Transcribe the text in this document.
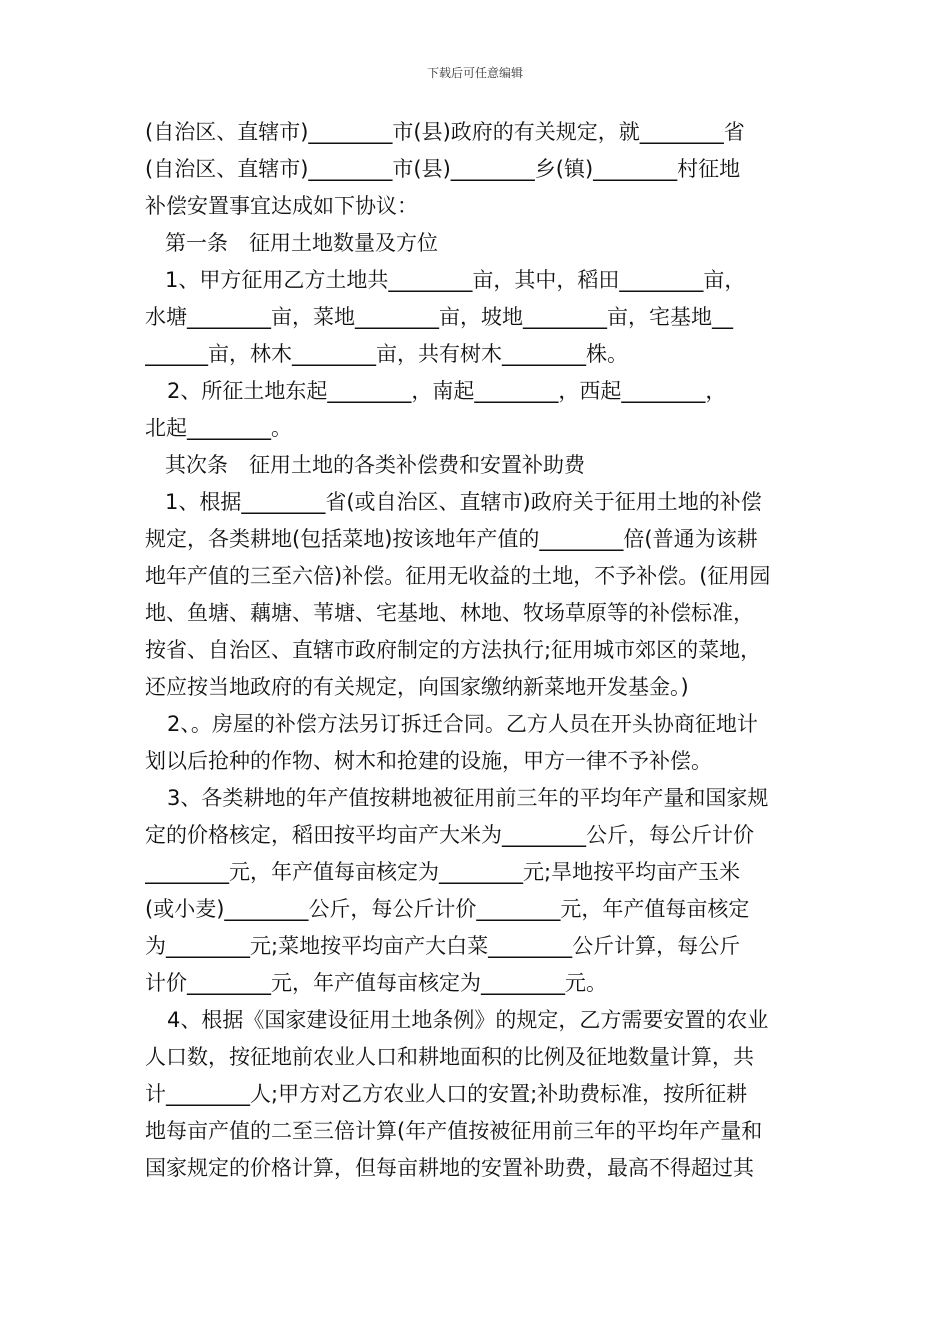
下载后可任意编辑
(自治区、直辖市)________市(县)政府的有关规定，就________省
(自治区、直辖市)________市(县)________乡(镇)________村征地
补偿安置事宜达成如下协议：
第一条　征用土地数量及方位
1、甲方征用乙方土地共________亩，其中，稻田________亩，
水塘________亩，菜地________亩，坡地________亩，宅基地__
______亩，林木________亩，共有树木________株。
2、所征土地东起________，南起________，西起________，
北起________。
其次条　征用土地的各类补偿费和安置补助费
1、根据________省(或自治区、直辖市)政府关于征用土地的补偿
规定，各类耕地(包括菜地)按该地年产值的________倍(普通为该耕
地年产值的三至六倍)补偿。征用无收益的土地，不予补偿。(征用园
地、鱼塘、藕塘、苇塘、宅基地、林地、牧场草原等的补偿标准，
按省、自治区、直辖市政府制定的方法执行;征用城市郊区的菜地，
还应按当地政府的有关规定，向国家缴纳新菜地开发基金。)
2、。房屋的补偿方法另订拆迁合同。乙方人员在开头协商征地计
划以后抢种的作物、树木和抢建的设施，甲方一律不予补偿。
3、各类耕地的年产值按耕地被征用前三年的平均年产量和国家规
定的价格核定，稻田按平均亩产大米为________公斤，每公斤计价
________元，年产值每亩核定为________元;旱地按平均亩产玉米
(或小麦)________公斤，每公斤计价________元，年产值每亩核定
为________元;菜地按平均亩产大白菜________公斤计算，每公斤
计价________元，年产值每亩核定为________元。
4、根据《国家建设征用土地条例》的规定，乙方需要安置的农业
人口数，按征地前农业人口和耕地面积的比例及征地数量计算，共
计________人;甲方对乙方农业人口的安置;补助费标准，按所征耕
地每亩产值的二至三倍计算(年产值按被征用前三年的平均年产量和
国家规定的价格计算，但每亩耕地的安置补助费，最高不得超过其
